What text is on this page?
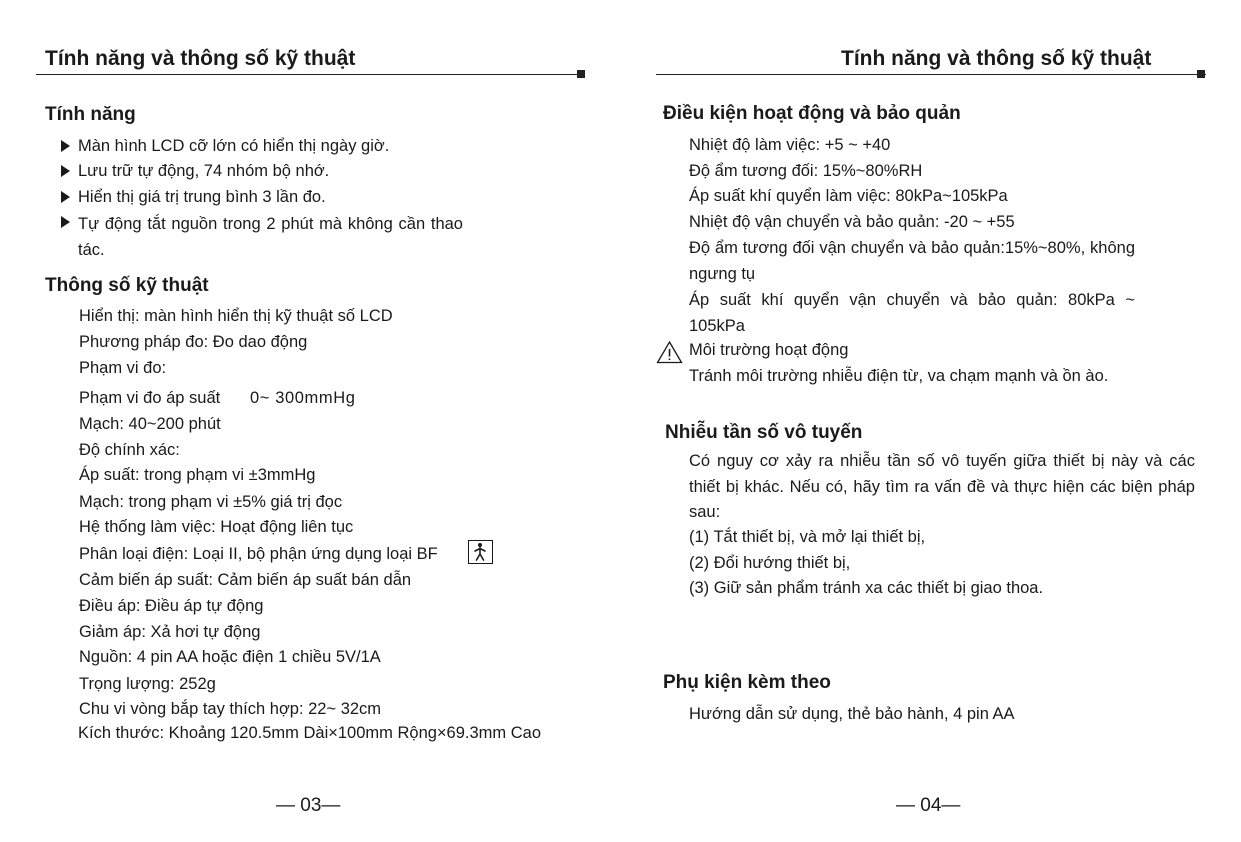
Tính năng và thông số kỹ thuật
Tính năng
Màn hình LCD cỡ lớn có hiển thị ngày giờ.
Lưu trữ tự động, 74 nhóm bộ nhớ.
Hiển thị giá trị trung bình 3 lần đo.
Tự động tắt nguồn trong 2 phút mà không cần thao tác.
Thông số kỹ thuật
Hiển thị: màn hình hiển thị kỹ thuật số LCD
Phương pháp đo: Đo dao động
Phạm vi đo:
Phạm vi đo áp suất 0~ 300mmHg
Mạch: 40~200 phút
Độ chính xác:
Áp suất: trong phạm vi ±3mmHg
Mạch: trong phạm vi ±5% giá trị đọc
Hệ thống làm việc: Hoạt động liên tục
Phân loại điện: Loại II, bộ phận ứng dụng loại BF
Cảm biến áp suất: Cảm biến áp suất bán dẫn
Điều áp: Điều áp tự động
Giảm áp: Xả hơi tự động
Nguồn: 4 pin AA hoặc điện 1 chiều 5V/1A
Trọng lượng: 252g
Chu vi vòng bắp tay thích hợp: 22~ 32cm
Kích thước: Khoảng 120.5mm Dài×100mm Rộng×69.3mm Cao
— 03—
Tính năng và thông số kỹ thuật
Điều kiện hoạt động và bảo quản
Nhiệt độ làm việc: +5 ~ +40
Độ ẩm tương đối: 15%~80%RH
Áp suất khí quyển làm việc: 80kPa~105kPa
Nhiệt độ vận chuyển và bảo quản: -20 ~ +55
Độ ẩm tương đối vận chuyển và bảo quản:15%~80%, không ngưng tụ
Áp suất khí quyển vận chuyển và bảo quản: 80kPa ~ 105kPa
Môi trường hoạt động
Tránh môi trường nhiễu điện từ, va chạm mạnh và ồn ào.
Nhiễu tần số vô tuyến
Có nguy cơ xảy ra nhiễu tần số vô tuyến giữa thiết bị này và các thiết bị khác. Nếu có, hãy tìm ra vấn đề và thực hiện các biện pháp sau:
(1) Tắt thiết bị, và mở lại thiết bị,
(2) Đổi hướng thiết bị,
(3) Giữ sản phẩm tránh xa các thiết bị giao thoa.
Phụ kiện kèm theo
Hướng dẫn sử dụng, thẻ bảo hành, 4 pin AA
— 04—
